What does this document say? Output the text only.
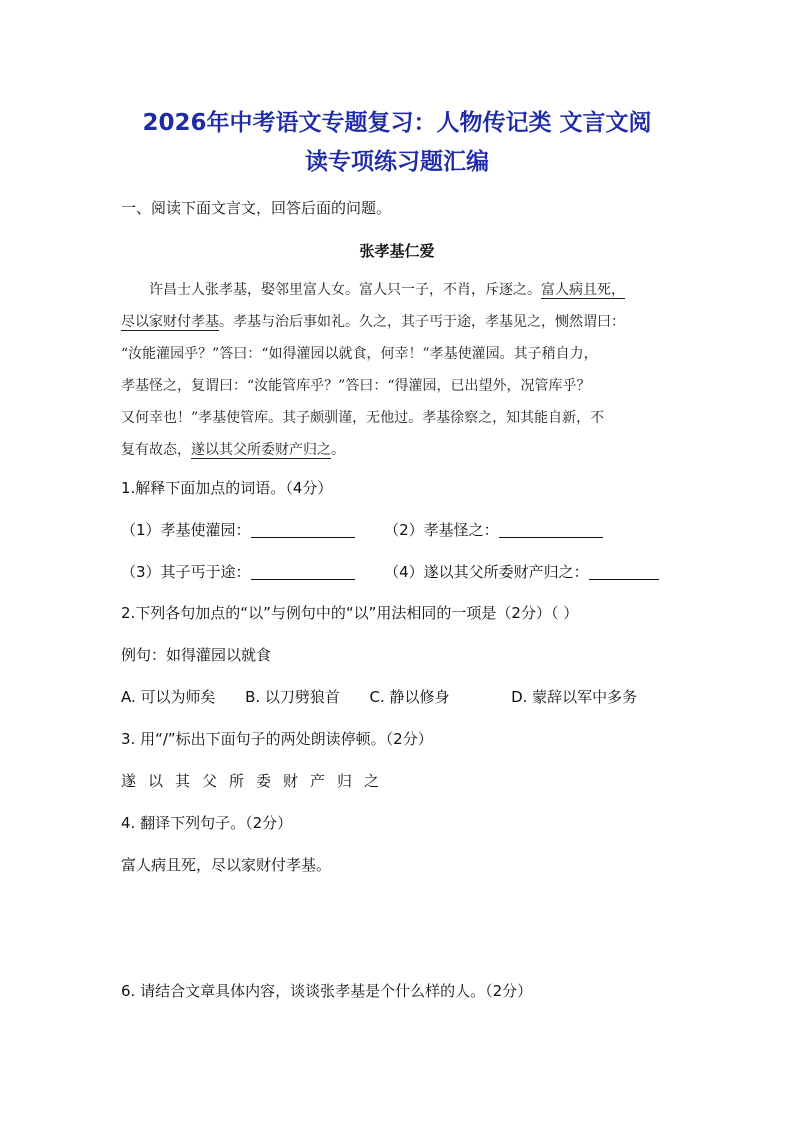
2026年中考语文专题复习：人物传记类 文言文阅
读专项练习题汇编
一、阅读下面文言文，回答后面的问题。
张孝基仁爱
许昌士人张孝基，娶邻里富人女。富人只一子，不肖，斥逐之。富人病且死，
尽以家财付孝基。孝基与治后事如礼。久之，其子丐于途，孝基见之，恻然谓曰：
“汝能灌园乎？”答曰：“如得灌园以就食，何幸！”孝基使灌园。其子稍自力，
孝基怪之，复谓曰：“汝能管库乎？”答曰：“得灌园，已出望外，况管库乎？
又何幸也！”孝基使管库。其子颇驯谨，无他过。孝基徐察之，知其能自新，不
复有故态，遂以其父所委财产归之。
1.解释下面加点的词语。（4分）
（1）孝基使灌园：	（2）孝基怪之：
（3）其子丐于途：	（4）遂以其父所委财产归之：
2.下列各句加点的“以”与例句中的“以”用法相同的一项是（2分）（ ）
例句：如得灌园以就食
A. 可以为师矣 B. 以刀劈狼首 C. 静以修身	D. 蒙辞以军中多务
3. 用“/”标出下面句子的两处朗读停顿。（2分）
遂以其父所委财产归之
4. 翻译下列句子。（2分）
富人病且死，尽以家财付孝基。
6. 请结合文章具体内容，谈谈张孝基是个什么样的人。（2分）
